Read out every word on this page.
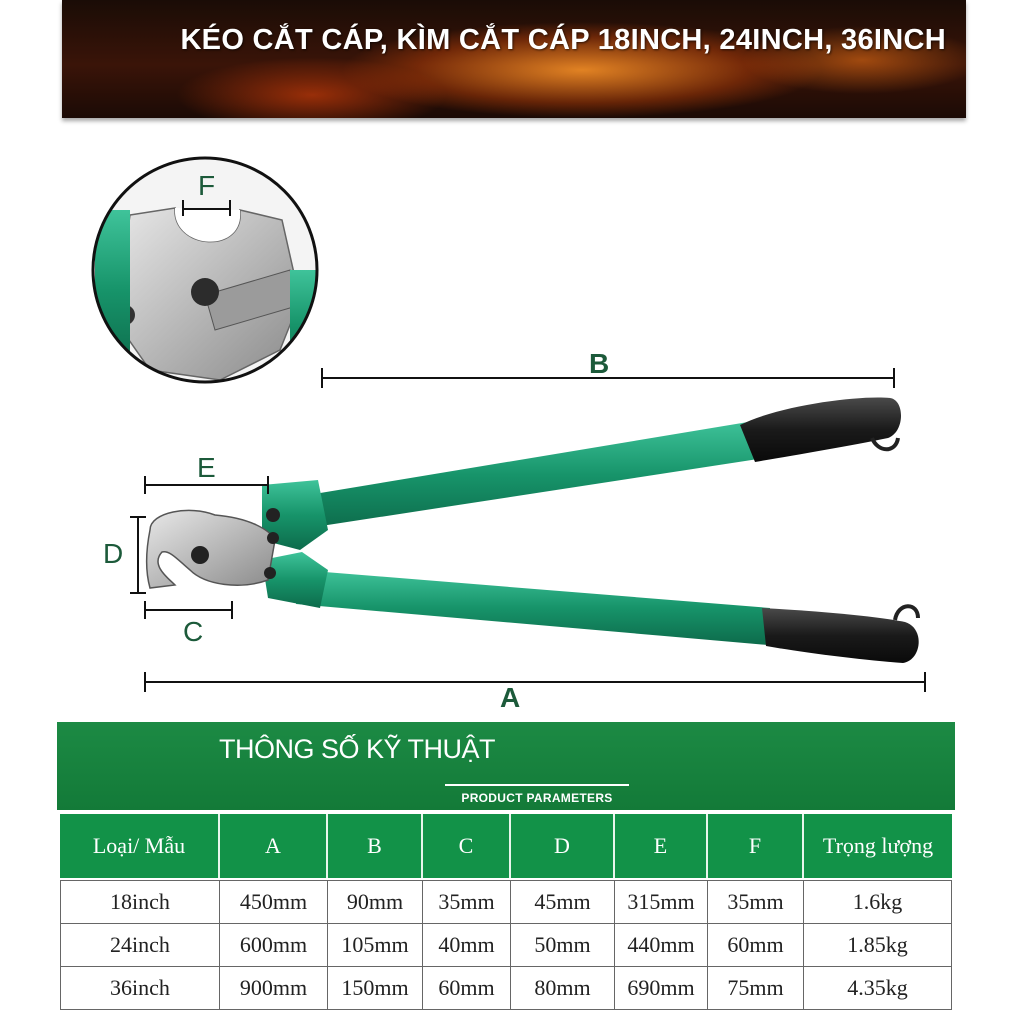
KÉO CẮT CÁP, KÌM CẮT CÁP 18INCH, 24INCH, 36INCH
F
B
E
D
C
A
THÔNG SỐ KỸ THUẬT
PRODUCT PARAMETERS
Loại/ Mẫu	A	B	C	D	E	F	Trọng lượng

18inch	450mm	90mm	35mm	45mm	315mm	35mm	1.6kg
24inch	600mm	105mm	40mm	50mm	440mm	60mm	1.85kg
36inch	900mm	150mm	60mm	80mm	690mm	75mm	4.35kg
